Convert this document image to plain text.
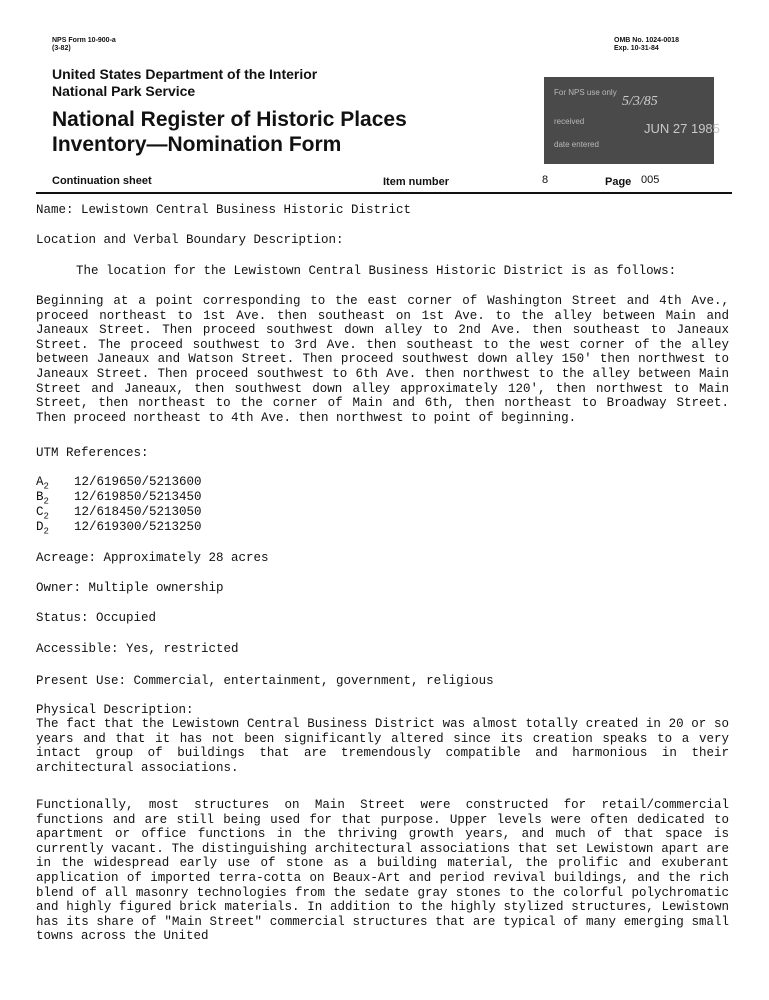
NPS Form 10-900-a
(3-82)
OMB No. 1024-0018
Exp. 10-31-84
United States Department of the Interior
National Park Service
National Register of Historic Places
Inventory—Nomination Form
For NPS use only
received
date entered
5/3/85
JUN 27 1985
Continuation sheet	Item number	8	Page 005
Name: Lewistown Central Business Historic District
Location and Verbal Boundary Description:
The location for the Lewistown Central Business Historic District is as follows:
Beginning at a point corresponding to the east corner of Washington Street and 4th Ave., proceed northeast to 1st Ave. then southeast on 1st Ave. to the alley between Main and Janeaux Street. Then proceed southwest down alley to 2nd Ave. then southeast to Janeaux Street. The proceed southwest to 3rd Ave. then southeast to the west corner of the alley between Janeaux and Watson Street. Then proceed southwest down alley 150' then northwest to Janeaux Street. Then proceed southwest to 6th Ave. then northwest to the alley between Main Street and Janeaux, then southwest down alley approximately 120', then northwest to Main Street, then northeast to the corner of Main and 6th, then northeast to Broadway Street. Then proceed northeast to 4th Ave. then northwest to point of beginning.
UTM References:
$A_2$ 12/619650/5213600
$B_2$ 12/619850/5213450
$C_2$ 12/618450/5213050
$D_2$ 12/619300/5213250
Acreage: Approximately 28 acres
Owner: Multiple ownership
Status: Occupied
Accessible: Yes, restricted
Present Use: Commercial, entertainment, government, religious
Physical Description:
The fact that the Lewistown Central Business District was almost totally created in 20 or so years and that it has not been significantly altered since its creation speaks to a very intact group of buildings that are tremendously compatible and harmonious in their architectural associations.
Functionally, most structures on Main Street were constructed for retail/commercial functions and are still being used for that purpose. Upper levels were often dedicated to apartment or office functions in the thriving growth years, and much of that space is currently vacant. The distinguishing architectural associations that set Lewistown apart are in the widespread early use of stone as a building material, the prolific and exuberant application of imported terra-cotta on Beaux-Art and period revival buildings, and the rich blend of all masonry technologies from the sedate gray stones to the colorful polychromatic and highly figured brick materials. In addition to the highly stylized structures, Lewistown has its share of "Main Street" commercial structures that are typical of many emerging small towns across the United
